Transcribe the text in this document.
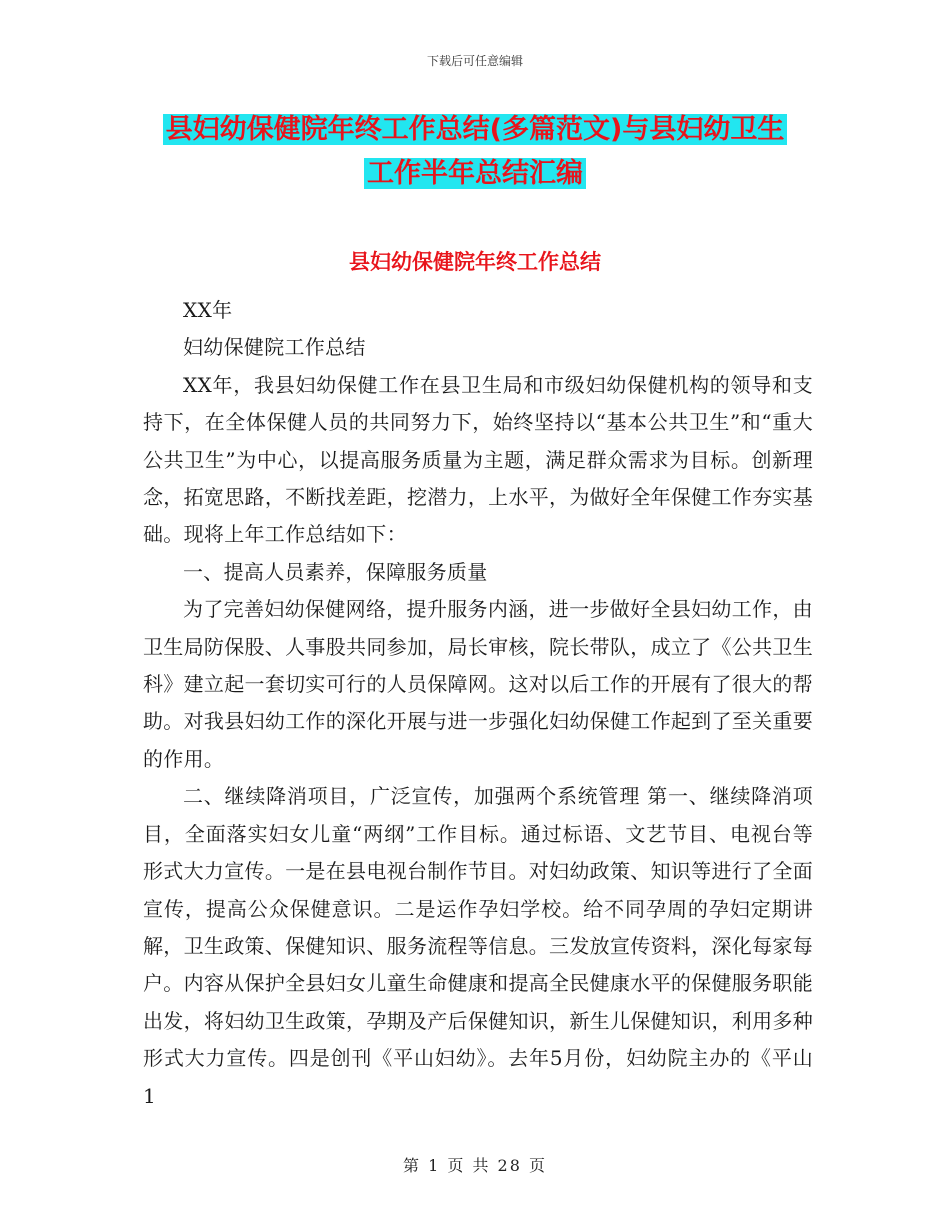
下载后可任意编辑
县妇幼保健院年终工作总结(多篇范文)与县妇幼卫生
工作半年总结汇编
县妇幼保健院年终工作总结

XX年

妇幼保健院工作总结

XX年，我县妇幼保健工作在县卫生局和市级妇幼保健机构的领导和支持下，在全体保健人员的共同努力下，始终坚持以“基本公共卫生”和“重大公共卫生”为中心，以提高服务质量为主题，满足群众需求为目标。创新理念，拓宽思路，不断找差距，挖潜力，上水平，为做好全年保健工作夯实基础。现将上年工作总结如下：

一、提高人员素养，保障服务质量

为了完善妇幼保健网络，提升服务内涵，进一步做好全县妇幼工作，由卫生局防保股、人事股共同参加，局长审核，院长带队，成立了《公共卫生科》建立起一套切实可行的人员保障网。这对以后工作的开展有了很大的帮助。对我县妇幼工作的深化开展与进一步强化妇幼保健工作起到了至关重要的作用。

二、继续降消项目，广泛宣传，加强两个系统管理 第一、继续降消项目，全面落实妇女儿童“两纲”工作目标。通过标语、文艺节目、电视台等形式大力宣传。一是在县电视台制作节目。对妇幼政策、知识等进行了全面宣传，提高公众保健意识。二是运作孕妇学校。给不同孕周的孕妇定期讲解，卫生政策、保健知识、服务流程等信息。三发放宣传资料，深化每家每户。内容从保护全县妇女儿童生命健康和提高全民健康水平的保健服务职能出发，将妇幼卫生政策，孕期及产后保健知识，新生儿保健知识，利用多种形式大力宣传。四是创刊《平山妇幼》。去年5月份，妇幼院主办的《平山 1

第 1 页 共 28 页
